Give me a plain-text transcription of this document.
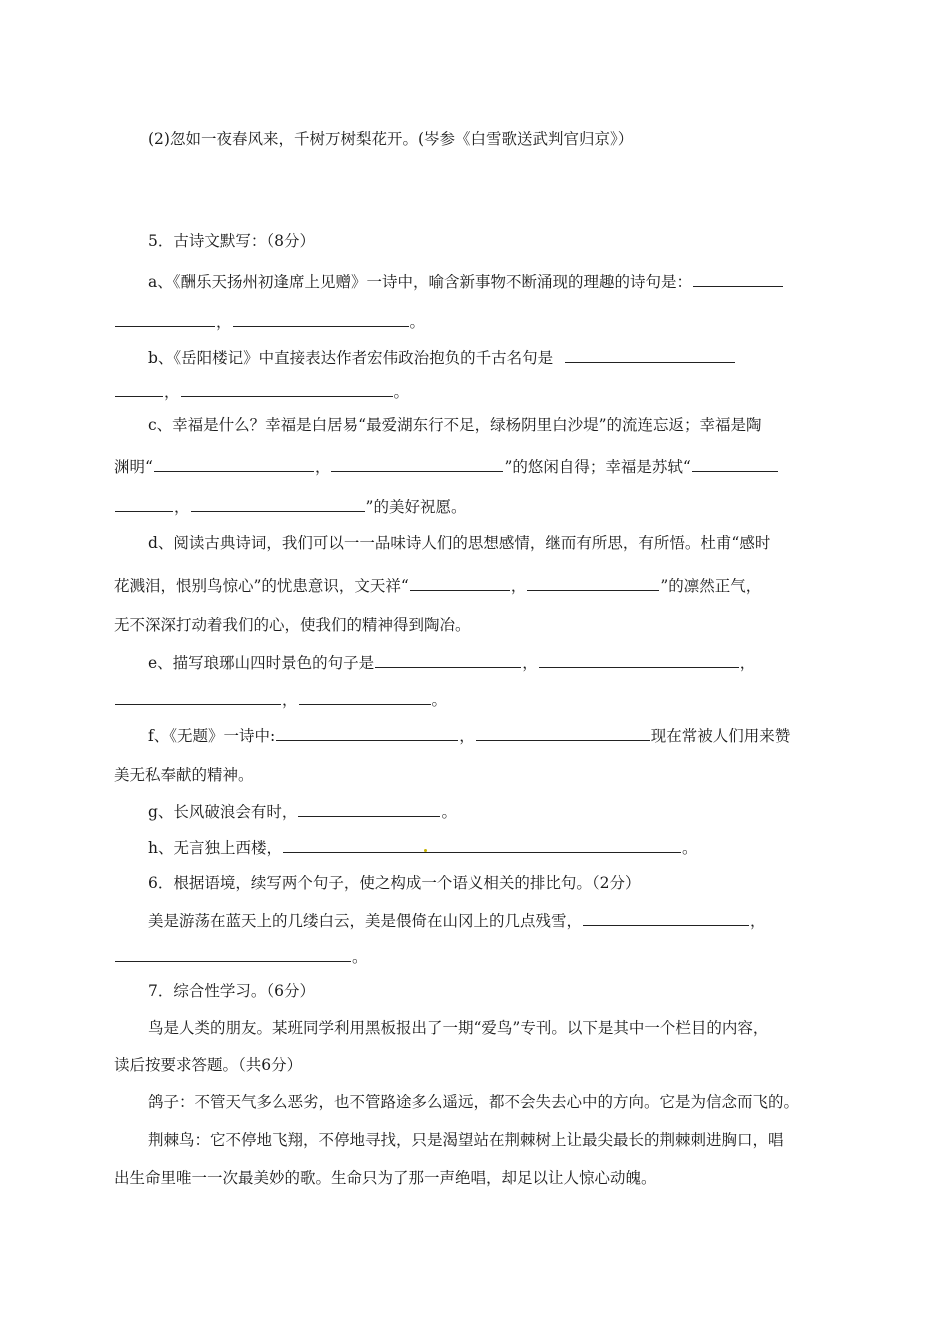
(2)忽如一夜春风来，千树万树梨花开。(岑参《白雪歌送武判官归京》）
5．古诗文默写：（8分）
a、《酬乐天扬州初逢席上见赠》一诗中，喻含新事物不断涌现的理趣的诗句是：
，	。
b、《岳阳楼记》中直接表达作者宏伟政治抱负的千古名句是
，	。
c、幸福是什么？幸福是白居易“最爱湖东行不足，绿杨阴里白沙堤”的流连忘返；幸福是陶
渊明“	，	”的悠闲自得；幸福是苏轼“
，	”的美好祝愿。
d、阅读古典诗词，我们可以一一品味诗人们的思想感情，继而有所思，有所悟。杜甫“感时
花溅泪，恨别鸟惊心”的忧患意识，文天祥“	，	”的凛然正气，
无不深深打动着我们的心，使我们的精神得到陶冶。
e、描写琅琊山四时景色的句子是	，	，
，	。
f、《无题》一诗中:	，	现在常被人们用来赞
美无私奉献的精神。
g、长风破浪会有时，	。
h、无言独上西楼，	。
6．根据语境，续写两个句子，使之构成一个语义相关的排比句。（2分）
美是游荡在蓝天上的几缕白云，美是偎倚在山冈上的几点残雪，	，
。
7．综合性学习。（6分）
鸟是人类的朋友。某班同学利用黑板报出了一期“爱鸟”专刊。以下是其中一个栏目的内容，
读后按要求答题。（共6分）
鸽子：不管天气多么恶劣，也不管路途多么遥远，都不会失去心中的方向。它是为信念而飞的。
荆棘鸟：它不停地飞翔，不停地寻找，只是渴望站在荆棘树上让最尖最长的荆棘刺进胸口，唱
出生命里唯一一次最美妙的歌。生命只为了那一声绝唱，却足以让人惊心动魄。
